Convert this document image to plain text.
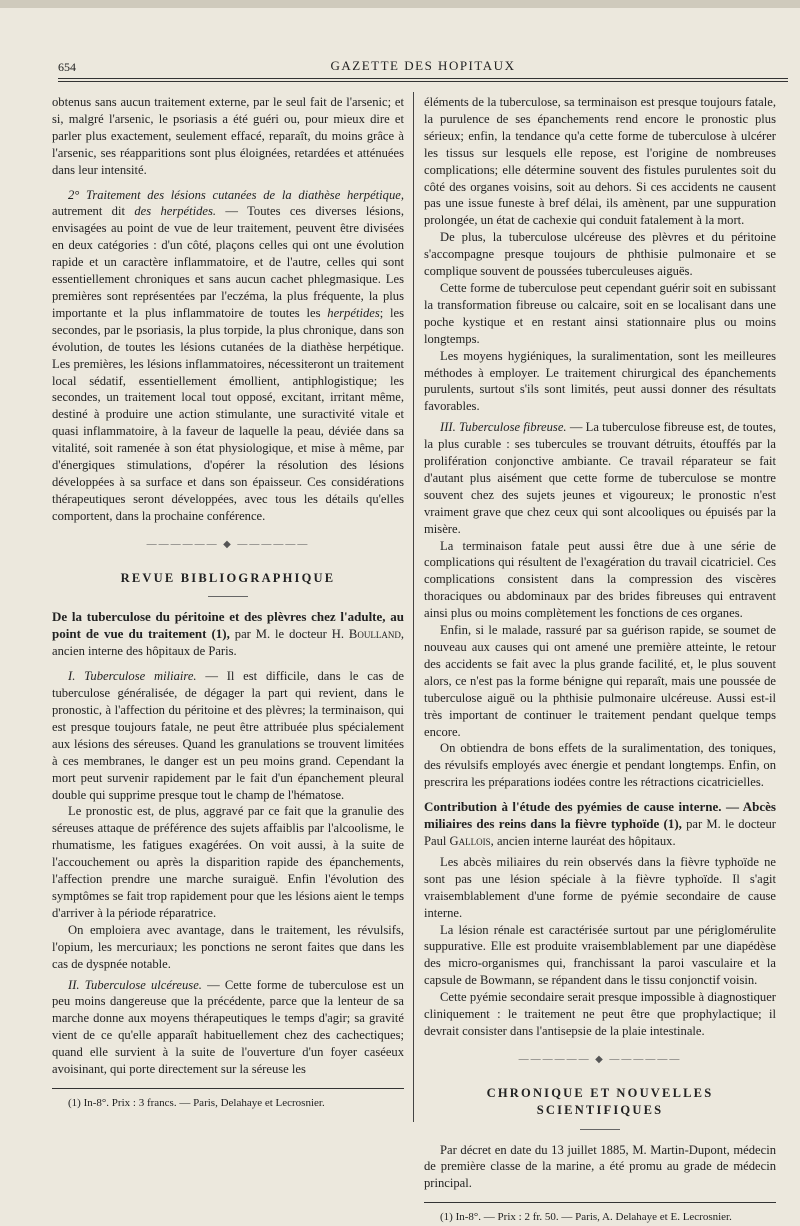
654	GAZETTE DES HOPITAUX

obtenus sans aucun traitement externe, par le seul fait de l'arsenic; et si, malgré l'arsenic, le psoriasis a été guéri ou, pour mieux dire et parler plus exactement, seulement effacé, reparaît, du moins grâce à l'arsenic, ses réapparitions sont plus éloignées, retardées et atténuées dans leur intensité.

2° Traitement des lésions cutanées de la diathèse herpétique, autrement dit des herpétides. — Toutes ces diverses lésions, envisagées au point de vue de leur traitement, peuvent être divisées en deux catégories : d'un côté, plaçons celles qui ont une évolution rapide et un caractère inflammatoire, et de l'autre, celles qui sont essentiellement chroniques et sans aucun cachet phlegmasique. Les premières sont représentées par l'eczéma, la plus fréquente, la plus importante et la plus inflammatoire de toutes les herpétides; les secondes, par le psoriasis, la plus torpide, la plus chronique, dans son évolution, de toutes les lésions cutanées de la diathèse herpétique. Les premières, les lésions inflammatoires, nécessiteront un traitement local sédatif, essentiellement émollient, antiphlogistique; les secondes, un traitement local tout opposé, excitant, irritant même, destiné à produire une action stimulante, une suractivité vitale et quasi inflammatoire, à la faveur de laquelle la peau, déviée dans sa vitalité, soit ramenée à son état physiologique, et mise à même, par d'énergiques stimulations, d'opérer la résolution des lésions développées à sa surface et dans son épaisseur. Ces considérations thérapeutiques seront développées, avec tous les détails qu'elles comportent, dans la prochaine conférence.

—————— ◆ ——————
REVUE BIBLIOGRAPHIQUE

De la tuberculose du péritoine et des plèvres chez l'adulte, au point de vue du traitement (1), par M. le docteur H. Boulland, ancien interne des hôpitaux de Paris.

I. Tuberculose miliaire. — Il est difficile, dans le cas de tuberculose généralisée, de dégager la part qui revient, dans le pronostic, à l'affection du péritoine et des plèvres; la terminaison, qui est presque toujours fatale, ne peut être attribuée plus spécialement aux lésions des séreuses. Quand les granulations se trouvent limitées à ces membranes, le danger est un peu moins grand. Cependant la mort peut survenir rapidement par le fait d'un épanchement pleural double qui supprime presque tout le champ de l'hématose.

Le pronostic est, de plus, aggravé par ce fait que la granulie des séreuses attaque de préférence des sujets affaiblis par l'alcoolisme, le rhumatisme, les fatigues exagérées. On voit aussi, à la suite de l'accouchement ou après la disparition rapide des épanchements, l'affection prendre une marche suraiguë. Enfin l'évolution des symptômes se fait trop rapidement pour que les lésions aient le temps d'arriver à la période réparatrice.

On emploiera avec avantage, dans le traitement, les révulsifs, l'opium, les mercuriaux; les ponctions ne seront faites que dans les cas de dyspnée notable.

II. Tuberculose ulcéreuse. — Cette forme de tuberculose est un peu moins dangereuse que la précédente, parce que la lenteur de sa marche donne aux moyens thérapeutiques le temps d'agir; sa gravité vient de ce qu'elle apparaît habituellement chez des cachectiques; quand elle survient à la suite de l'ouverture d'un foyer caséeux avoisinant, qui porte directement sur la séreuse les

(1) In-8°. Prix : 3 francs. — Paris, Delahaye et Lecrosnier.

éléments de la tuberculose, sa terminaison est presque toujours fatale, la purulence de ses épanchements rend encore le pronostic plus sérieux; enfin, la tendance qu'a cette forme de tuberculose à ulcérer les tissus sur lesquels elle repose, est l'origine de nombreuses complications; elle détermine souvent des fistules purulentes soit du côté des organes voisins, soit au dehors. Si ces accidents ne causent pas une issue funeste à bref délai, ils amènent, par une suppuration prolongée, un état de cachexie qui conduit fatalement à la mort.

De plus, la tuberculose ulcéreuse des plèvres et du péritoine s'accompagne presque toujours de phthisie pulmonaire et se complique souvent de poussées tuberculeuses aiguës.

Cette forme de tuberculose peut cependant guérir soit en subissant la transformation fibreuse ou calcaire, soit en se localisant dans une poche kystique et en restant ainsi stationnaire plus ou moins longtemps.

Les moyens hygiéniques, la suralimentation, sont les meilleures méthodes à employer. Le traitement chirurgical des épanchements purulents, surtout s'ils sont limités, peut aussi donner des résultats favorables.

III. Tuberculose fibreuse. — La tuberculose fibreuse est, de toutes, la plus curable : ses tubercules se trouvant détruits, étouffés par la prolifération conjonctive ambiante. Ce travail réparateur se fait d'autant plus aisément que cette forme de tuberculose se montre souvent chez des sujets jeunes et vigoureux; le pronostic n'est vraiment grave que chez ceux qui sont alcooliques ou épuisés par la misère.

La terminaison fatale peut aussi être due à une série de complications qui résultent de l'exagération du travail cicatriciel. Ces complications consistent dans la compression des viscères thoraciques ou abdominaux par des brides fibreuses qui entravent ainsi plus ou moins complètement les fonctions de ces organes.

Enfin, si le malade, rassuré par sa guérison rapide, se soumet de nouveau aux causes qui ont amené une première atteinte, le retour des accidents se fait avec la plus grande facilité, et, le plus souvent alors, ce n'est pas la forme bénigne qui reparaît, mais une poussée de tuberculose aiguë ou la phthisie pulmonaire ulcéreuse. Aussi est-il très important de continuer le traitement pendant quelque temps encore.

On obtiendra de bons effets de la suralimentation, des toniques, des révulsifs employés avec énergie et pendant longtemps. Enfin, on prescrira les préparations iodées contre les rétractions cicatricielles.

Contribution à l'étude des pyémies de cause interne. — Abcès miliaires des reins dans la fièvre typhoïde (1), par M. le docteur Paul Gallois, ancien interne lauréat des hôpitaux.

Les abcès miliaires du rein observés dans la fièvre typhoïde ne sont pas une lésion spéciale à la fièvre typhoïde. Il s'agit vraisemblablement d'une forme de pyémie secondaire de cause interne.

La lésion rénale est caractérisée surtout par une périglomérulite suppurative. Elle est produite vraisemblablement par une diapédèse des micro-organismes qui, franchissant la paroi vasculaire et la capsule de Bowmann, se répandent dans le tissu conjonctif voisin.

Cette pyémie secondaire serait presque impossible à diagnostiquer cliniquement : le traitement ne peut être que prophylactique; il devrait consister dans l'antisepsie de la plaie intestinale.

—————— ◆ ——————
CHRONIQUE ET NOUVELLES SCIENTIFIQUES

Par décret en date du 13 juillet 1885, M. Martin-Dupont, médecin de première classe de la marine, a été promu au grade de médecin principal.

(1) In-8°. — Prix : 2 fr. 50. — Paris, A. Delahaye et E. Lecrosnier.
